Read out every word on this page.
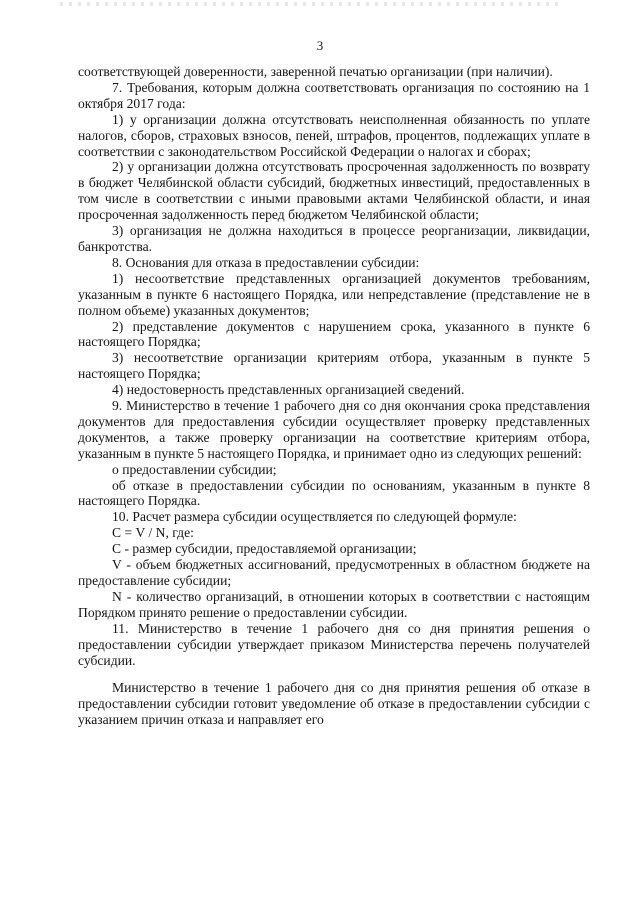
3

соответствующей доверенности, заверенной печатью организации (при наличии).

7. Требования, которым должна соответствовать организация по состоянию на 1 октября 2017 года:

1) у организации должна отсутствовать неисполненная обязанность по уплате налогов, сборов, страховых взносов, пеней, штрафов, процентов, подлежащих уплате в соответствии с законодательством Российской Федерации о налогах и сборах;

2) у организации должна отсутствовать просроченная задолженность по возврату в бюджет Челябинской области субсидий, бюджетных инвестиций, предоставленных в том числе в соответствии с иными правовыми актами Челябинской области, и иная просроченная задолженность перед бюджетом Челябинской области;

3) организация не должна находиться в процессе реорганизации, ликвидации, банкротства.

8. Основания для отказа в предоставлении субсидии:

1) несоответствие представленных организацией документов требованиям, указанным в пункте 6 настоящего Порядка, или непредставление (представление не в полном объеме) указанных документов;

2) представление документов с нарушением срока, указанного в пункте 6 настоящего Порядка;

3) несоответствие организации критериям отбора, указанным в пункте 5 настоящего Порядка;

4) недостоверность представленных организацией сведений.

9. Министерство в течение 1 рабочего дня со дня окончания срока представления документов для предоставления субсидии осуществляет проверку представленных документов, а также проверку организации на соответствие критериям отбора, указанным в пункте 5 настоящего Порядка, и принимает одно из следующих решений:

о предоставлении субсидии;

об отказе в предоставлении субсидии по основаниям, указанным в пункте 8 настоящего Порядка.

10. Расчет размера субсидии осуществляется по следующей формуле:

С = V / N, где:

С - размер субсидии, предоставляемой организации;

V - объем бюджетных ассигнований, предусмотренных в областном бюджете на предоставление субсидии;

N - количество организаций, в отношении которых в соответствии с настоящим Порядком принято решение о предоставлении субсидии.

11. Министерство в течение 1 рабочего дня со дня принятия решения о предоставлении субсидии утверждает приказом Министерства перечень получателей субсидии.

Министерство в течение 1 рабочего дня со дня принятия решения об отказе в предоставлении субсидии готовит уведомление об отказе в предоставлении субсидии с указанием причин отказа и направляет его
